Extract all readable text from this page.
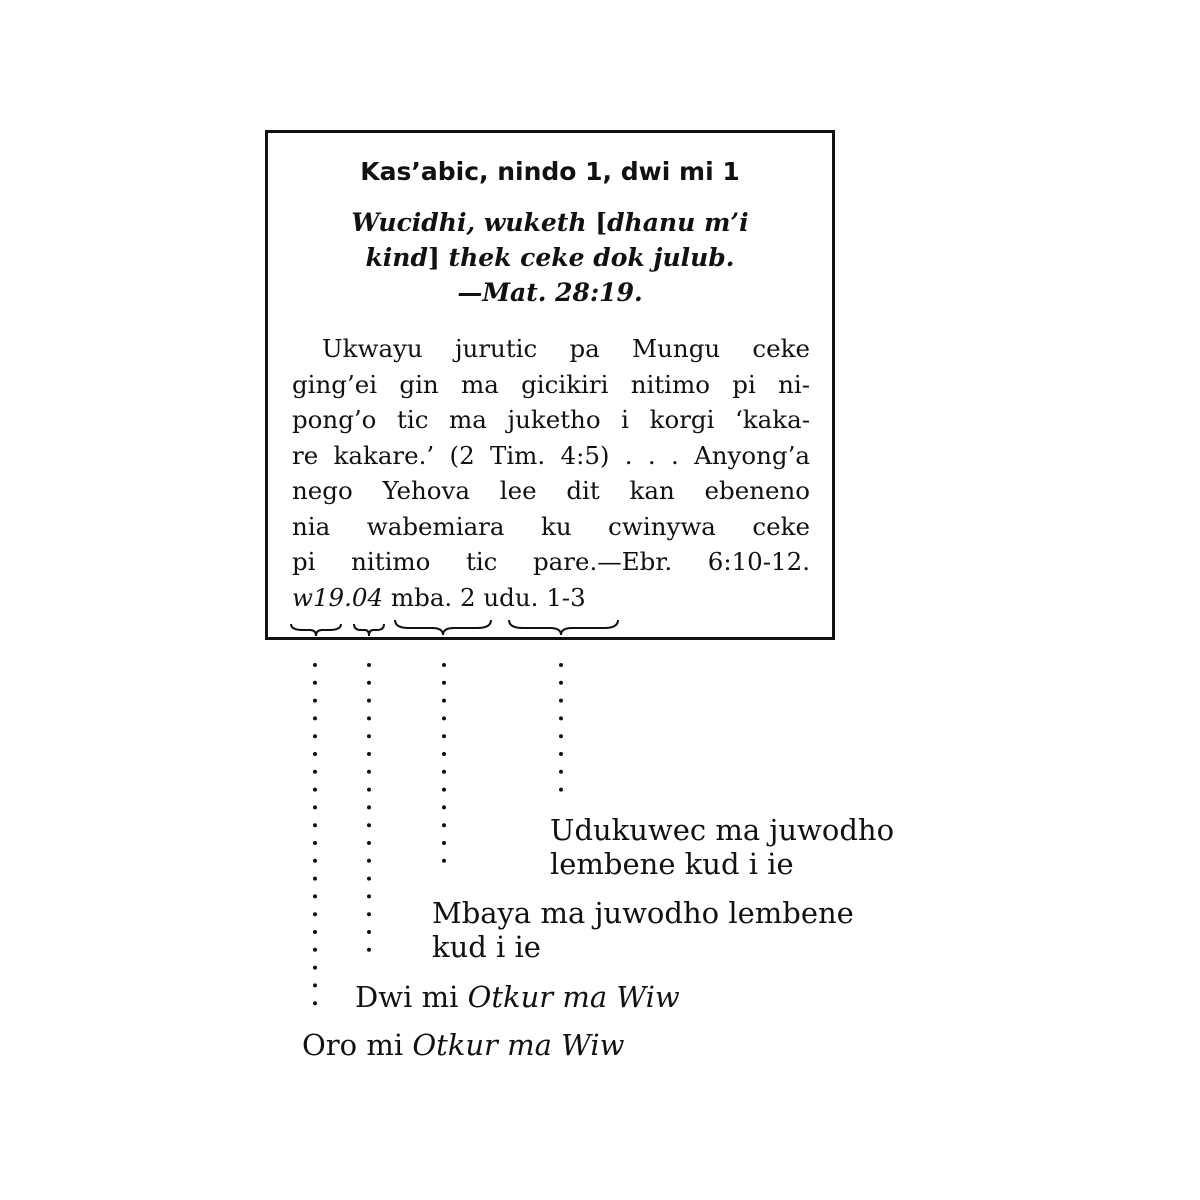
Kas’abic, nindo 1, dwi mi 1
Wucidhi, wuketh [dhanu m’i
kind] thek ceke dok julub.
—Mat. 28:19.
Ukwayu jurutic pa Mungu ceke
ging’ei gin ma gicikiri nitimo pi ni-
pong’o tic ma juketho i korgi ‘kaka-
re kakare.’ (2 Tim. 4:5) . . . Anyong’a
nego Yehova lee dit kan ebeneno
nia wabemiara ku cwinywa ceke
pi nitimo tic pare.—Ebr. 6:10-12.
w19.04 mba. 2 udu. 1-3
Udukuwec ma juwodho
lembene kud i ie
Mbaya ma juwodho lembene
kud i ie
Dwi mi Otkur ma Wiw
Oro mi Otkur ma Wiw
